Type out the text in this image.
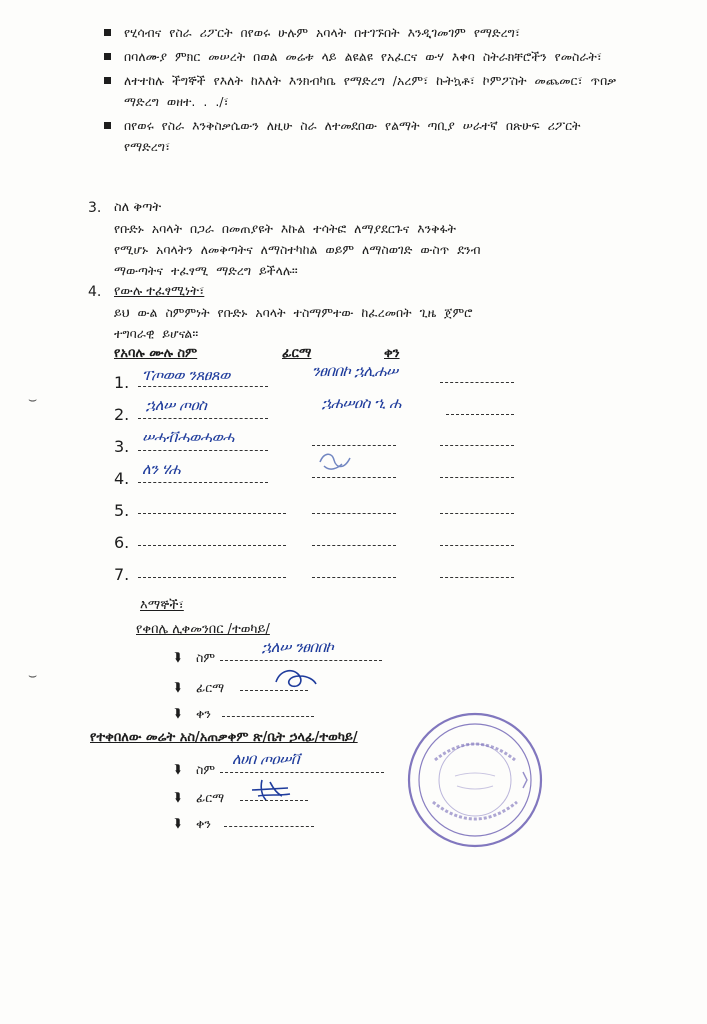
⌣
⌣
የሂሳብና የስራ ሪፖርት በየወሩ ሁሉም አባላት በተገኙበት እንዲገመገም የማድረግ፣
በባለሙያ ምክር መሠረት በወል መሬቱ ላይ ልዩልዩ የአፈርና ውሃ እቀባ ስትራክቸሮችን የመስራት፣
ለተተከሉ ችግኞች የእለት ከእለት እንክብካቤ የማድረግ /አረም፣ ኩትኳቶ፣ ኮምፖስት መጨመር፣ ጥበቃ ማድረግ ወዘተ. . ./፣
በየወሩ የስራ እንቅስቃሴውን ለዚሁ ስራ ለተመደበው የልማት ጣቢያ ሠራተኛ በጽሁፍ ሪፖርት የማድረግ፣
3. ስለ ቅጣት
የቡድኑ አባላት በጋራ በመጠያዩት እኩል ተሳትፎ ለማያደርጉና እንቅፋት
የሚሆኑ አባላትን ለመቅጣትና ለማስተካከል ወይም ለማስወገድ ውስጥ ደንብ
ማውጣትና ተፈፃሚ ማድረግ ይችላሉ።
4. የውሉ ተፈፃሚነት፣
ይህ ውል ስምምነት የቡድኑ አባላት ተስማምተው ከፈረመበት ጊዜ ጀምሮ
ተግባራዊ ይሆናል።
የአባሉ ሙሉ ስም	ፊርማ	ቀን
1. ፐጦወወ ንጸፀጸወ	ንፀበበኮ ኋሊሐሠ
2. ኋለሠ ጦዐስ	ኋሐሠዐስ ኂ ሐ
3. ሠሓቭሓወሓወሓ
4. ለን ሃሐ
5.
6.
7.
እማኞች፣
የቀበሌ ሊቀመንበር /ተወካይ/
⮯ ስም
ኋለሠ ንፀበበኮ
⮯ ፊርማ
⮯ ቀን
የተቀበለው መሬት አስ/አጠቃቀም ጽ/ቤት ኃላፊ/ተወካይ/
⮯ ስም
ለሀበ ጦዐሠቨ
⮯ ፊርማ
⮯ ቀን
